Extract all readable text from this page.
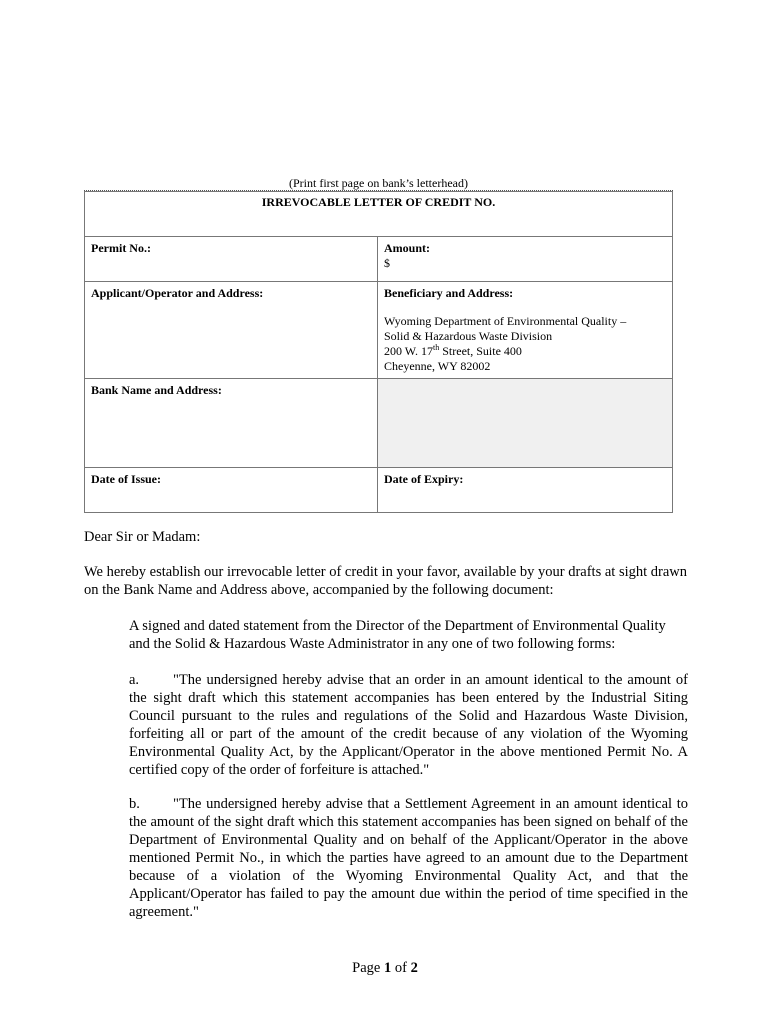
(Print first page on bank’s letterhead)
IRREVOCABLE LETTER OF CREDIT NO.	

Permit No.:	Amount:
$

Applicant/Operator and Address:	Beneficiary and Address:
Wyoming Department of Environmental Quality –
Solid & Hazardous Waste Division
200 W. 17th Street, Suite 400
Cheyenne, WY 82002

Bank Name and Address:	

Date of Issue:	Date of Expiry:
Dear Sir or Madam:
We hereby establish our irrevocable letter of credit in your favor, available by your drafts at sight drawn on the Bank Name and Address above, accompanied by the following document:
A signed and dated statement from the Director of the Department of Environmental Quality and the Solid & Hazardous Waste Administrator in any one of two following forms:
a. "The undersigned hereby advise that an order in an amount identical to the amount of the sight draft which this statement accompanies has been entered by the Industrial Siting Council pursuant to the rules and regulations of the Solid and Hazardous Waste Division, forfeiting all or part of the amount of the credit because of any violation of the Wyoming Environmental Quality Act, by the Applicant/Operator in the above mentioned Permit No. A certified copy of the order of forfeiture is attached."
b. "The undersigned hereby advise that a Settlement Agreement in an amount identical to the amount of the sight draft which this statement accompanies has been signed on behalf of the Department of Environmental Quality and on behalf of the Applicant/Operator in the above mentioned Permit No., in which the parties have agreed to an amount due to the Department because of a violation of the Wyoming Environmental Quality Act, and that the Applicant/Operator has failed to pay the amount due within the period of time specified in the agreement."
Page 1 of 2
